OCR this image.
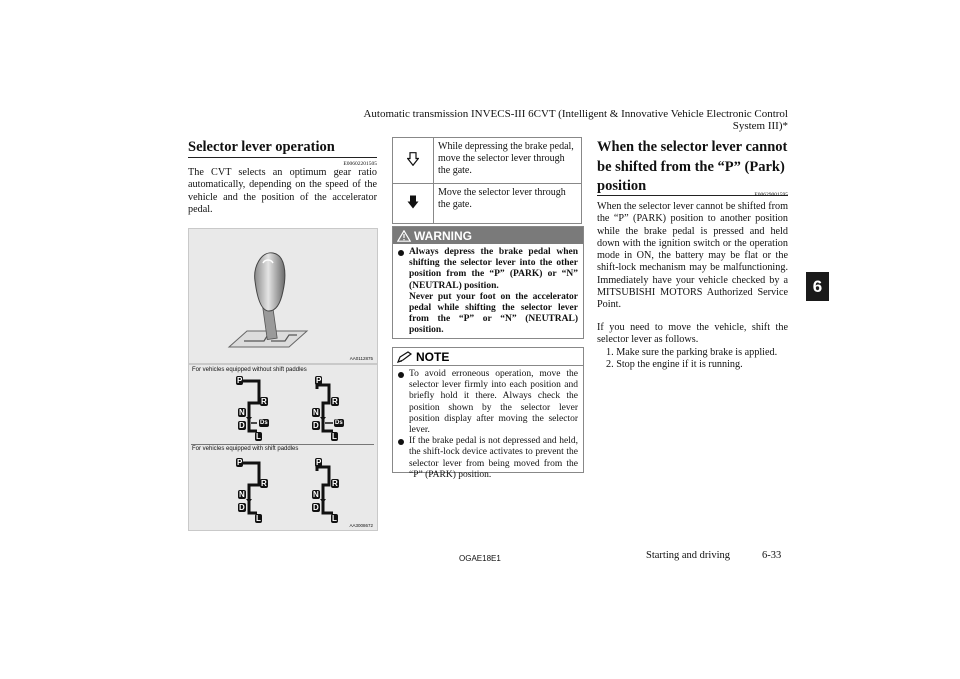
Automatic transmission INVECS-III 6CVT (Intelligent & Innovative Vehicle Electronic Control System III)*
6
Selector lever operation
E00602201505
The CVT selects an optimum gear ratio automatically, depending on the speed of the vehicle and the position of the accelerator pedal.
AA0112875
For vehicles equipped without shift paddles
For vehicles equipped with shift paddles
P
R
N
D	Ds
L
P
R
N
D	Ds
L
P
R
N
D
L
P
R
N
D
L
AA3008672
	While depressing the brake pedal, move the selector lever through the gate.
	Move the selector lever through the gate.
WARNING
Always depress the brake pedal when shifting the selector lever into the other position from the “P” (PARK) or “N” (NEUTRAL) position.
Never put your foot on the accelerator pedal while shifting the selector lever from the “P” or “N” (NEUTRAL) position.
NOTE
To avoid erroneous operation, move the selector lever firmly into each position and briefly hold it there. Always check the position shown by the selector lever position display after moving the selector lever.
If the brake pedal is not depressed and held, the shift-lock device activates to prevent the selector lever from being moved from the “P” (PARK) position.
When the selector lever cannot be shifted from the “P” (Park) position
E00629001595
When the selector lever cannot be shifted from the “P” (PARK) position to another position while the brake pedal is pressed and held down with the ignition switch or the operation mode in ON, the battery may be flat or the shift-lock mechanism may be malfunctioning. Immediately have your vehicle checked by a MITSUBISHI MOTORS Authorized Service Point.
If you need to move the vehicle, shift the selector lever as follows.
1. Make sure the parking brake is applied.
2. Stop the engine if it is running.
OGAE18E1	Starting and driving	6-33
